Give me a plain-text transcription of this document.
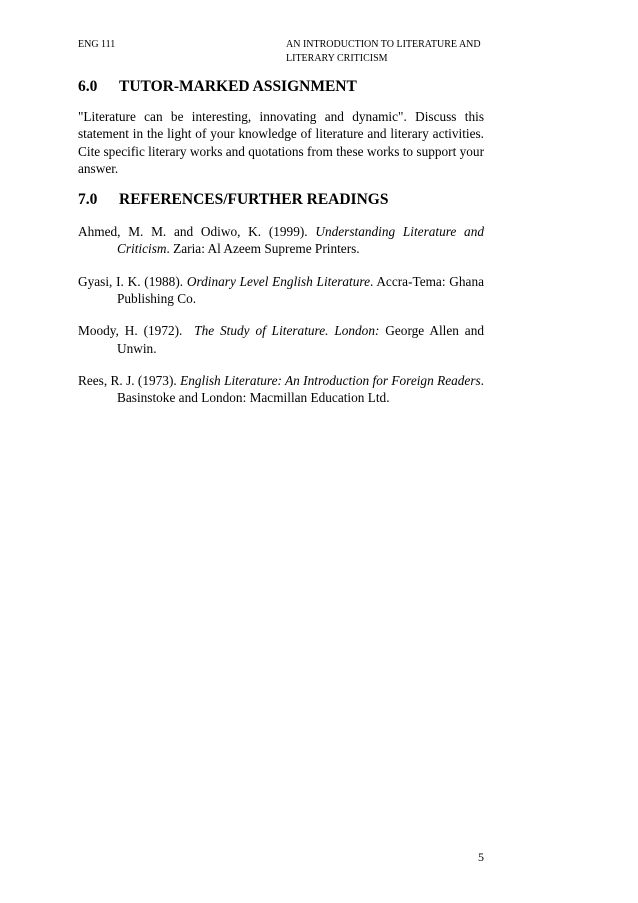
ENG 111	AN INTRODUCTION TO LITERATURE AND
LITERARY CRITICISM
6.0	TUTOR-MARKED ASSIGNMENT

"Literature can be interesting, innovating and dynamic". Discuss this statement in the light of your knowledge of literature and literary activities. Cite specific literary works and quotations from these works to support your answer.

7.0	REFERENCES/FURTHER READINGS

Ahmed, M. M. and Odiwo, K. (1999). Understanding Literature and Criticism. Zaria: Al Azeem Supreme Printers.

Gyasi, I. K. (1988). Ordinary Level English Literature. Accra-Tema: Ghana Publishing Co.

Moody, H. (1972). The Study of Literature. London: George Allen and Unwin.

Rees, R. J. (1973). English Literature: An Introduction for Foreign Readers. Basinstoke and London: Macmillan Education Ltd.

5
